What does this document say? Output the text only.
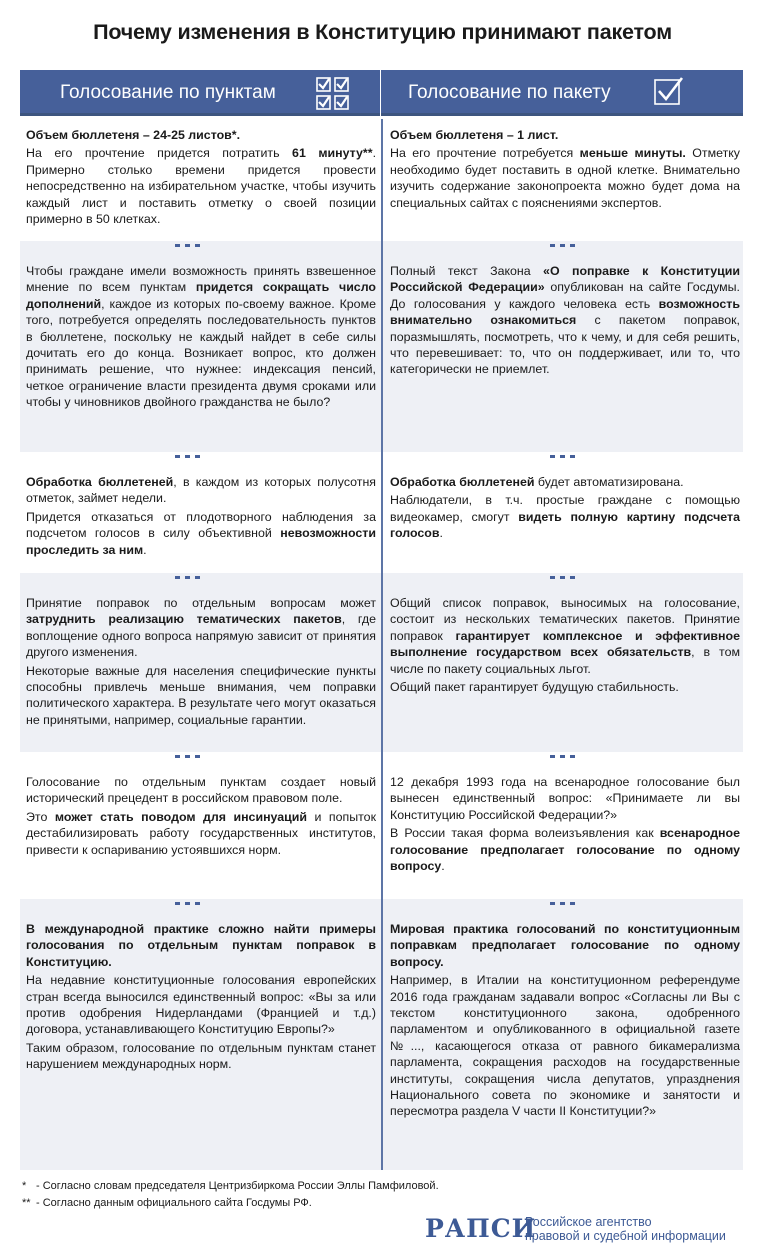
Почему изменения в Конституцию принимают пакетом
Голосование по пунктам	Голосование по пакету

Объем бюллетеня – 24-25 листов*.

На его прочтение придется потратить 61 минуту**. Примерно столько времени придется провести непосредственно на избирательном участке, чтобы изучить каждый лист и поставить отметку о своей позиции примерно в 50 клетках.

Объем бюллетеня – 1 лист.

На его прочтение потребуется меньше минуты. Отметку необходимо будет поставить в одной клетке. Внимательно изучить содержание законопроекта можно будет дома на специальных сайтах с пояснениями экспертов.

Чтобы граждане имели возможность принять взвешенное мнение по всем пунктам придется сокращать число дополнений, каждое из которых по-своему важное. Кроме того, потребуется определять последовательность пунктов в бюллетене, поскольку не каждый найдет в себе силы дочитать его до конца. Возникает вопрос, кто должен принимать решение, что нужнее: индексация пенсий, четкое ограничение власти президента двумя сроками или чтобы у чиновников двойного гражданства не было?

Полный текст Закона «О поправке к Конституции Российской Федерации» опубликован на сайте Госдумы. До голосования у каждого человека есть возможность внимательно ознакомиться с пакетом поправок, поразмышлять, посмотреть, что к чему, и для себя решить, что перевешивает: то, что он поддерживает, или то, что категорически не приемлет.

Обработка бюллетеней, в каждом из которых полусотня отметок, займет недели.

Придется отказаться от плодотворного наблюдения за подсчетом голосов в силу объективной невозможности проследить за ним.

Обработка бюллетеней будет автоматизирована.

Наблюдатели, в т.ч. простые граждане с помощью видеокамер, смогут видеть полную картину подсчета голосов.

Принятие поправок по отдельным вопросам может затруднить реализацию тематических пакетов, где воплощение одного вопроса напрямую зависит от принятия другого изменения.

Некоторые важные для населения специфические пункты способны привлечь меньше внимания, чем поправки политического характера. В результате чего могут оказаться не принятыми, например, социальные гарантии.

Общий список поправок, выносимых на голосование, состоит из нескольких тематических пакетов. Принятие поправок гарантирует комплексное и эффективное выполнение государством всех обязательств, в том числе по пакету социальных льгот.

Общий пакет гарантирует будущую стабильность.

Голосование по отдельным пунктам создает новый исторический прецедент в российском правовом поле.

Это может стать поводом для инсинуаций и попыток дестабилизировать работу государственных институтов, привести к оспариванию устоявшихся норм.

12 декабря 1993 года на всенародное голосование был вынесен единственный вопрос: «Принимаете ли вы Конституцию Российской Федерации?»

В России такая форма волеизъявления как всенародное голосование предполагает голосование по одному вопросу.

В международной практике сложно найти примеры голосования по отдельным пунктам поправок в Конституцию.

На недавние конституционные голосования европейских стран всегда выносился единственный вопрос: «Вы за или против одобрения Нидерландами (Францией и т.д.) договора, устанавливающего Конституцию Европы?»

Таким образом, голосование по отдельным пунктам станет нарушением международных норм.

Мировая практика голосований по конституционным поправкам предполагает голосование по одному вопросу.

Например, в Италии на конституционном референдуме 2016 года гражданам задавали вопрос «Согласны ли Вы с текстом конституционного закона, одобренного парламентом и опубликованного в официальной газете №..., касающегося отказа от равного бикамерализма парламента, сокращения расходов на государственные институты, сокращения числа депутатов, упразднения Национального совета по экономике и занятости и пересмотра раздела V части II Конституции?»

* - Согласно словам председателя Центризбиркома России Эллы Памфиловой.
** - Согласно данным официального сайта Госдумы РФ.
РАПСИ
Российское агентство
правовой и судебной информации
